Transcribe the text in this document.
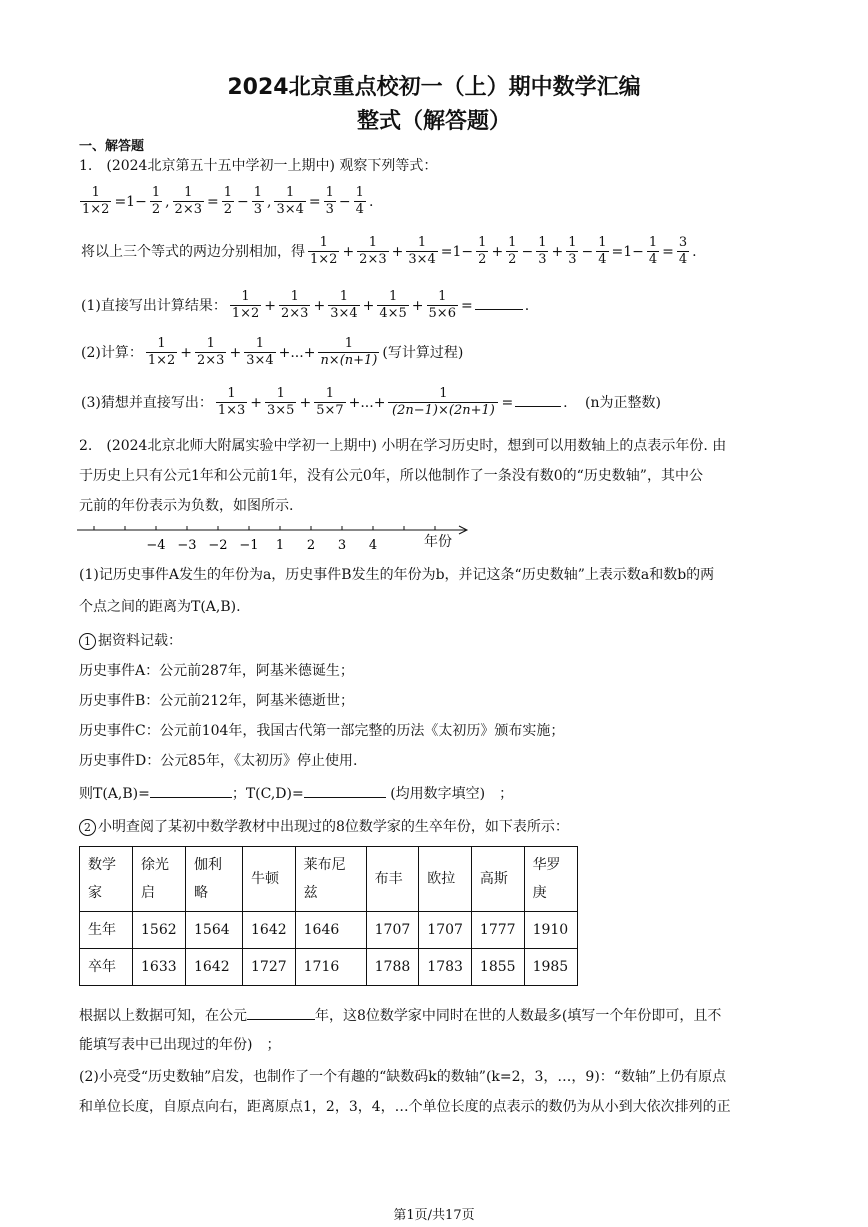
2024北京重点校初一（上）期中数学汇编
整式（解答题）
一、解答题
1.　(2024北京第五十五中学初一上期中) 观察下列等式：
$\frac{1}{1\times 2} =1- \frac{1}{2}$ , $\frac{1}{2\times 3} = \frac{1}{2} - \frac{1}{3}$ , $\frac{1}{3\times 4} = \frac{1}{3} - \frac{1}{4}$ .
将以上三个等式的两边分别相加，得 $\frac{1}{1\times 2} + \frac{1}{2\times 3} + \frac{1}{3\times 4} =1- \frac{1}{2} + \frac{1}{2} - \frac{1}{3} + \frac{1}{3} - \frac{1}{4} =1- \frac{1}{4} = \frac{3}{4}$ .
(1)直接写出计算结果： $\frac{1}{1\times 2} + \frac{1}{2\times 3} + \frac{1}{3\times 4} + \frac{1}{4\times 5} + \frac{1}{5\times 6}$ =	.
(2)计算： $\frac{1}{1\times 2} + \frac{1}{2\times 3} + \frac{1}{3\times 4}$ +...+ $\frac{1}{n\times(n+1)}$ (写计算过程)
(3)猜想并直接写出： $\frac{1}{1\times 3} + \frac{1}{3\times 5} + \frac{1}{5\times 7}$ +...+ $\frac{1}{(2n-1)\times(2n+1)}$ =	.   (n为正整数)
2.　(2024北京北师大附属实验中学初一上期中) 小明在学习历史时，想到可以用数轴上的点表示年份. 由
于历史上只有公元1年和公元前1年，没有公元0年，所以他制作了一条没有数0的“历史数轴”，其中公
元前的年份表示为负数，如图所示.
−4 −3 −2 −1 1 2 3 4	年份
(1)记历史事件A发生的年份为a，历史事件B发生的年份为b，并记这条“历史数轴”上表示数a和数b的两
个点之间的距离为T(A,B).
1 据资料记载：
历史事件A：公元前287年，阿基米德诞生；
历史事件B：公元前212年，阿基米德逝世；
历史事件C：公元前104年，我国古代第一部完整的历法《太初历》颁布实施；
历史事件D：公元85年，《太初历》停止使用.
则T(A,B)=	；T(C,D)=	(均用数字填空)　；
2 小明查阅了某初中数学教材中出现过的8位数学家的生卒年份，如下表所示：
数学家	徐光启	伽利略	牛顿	莱布尼兹	布丰	欧拉	高斯	华罗庚
生年	1562	1564	1642	1646	1707	1707	1777	1910
卒年	1633	1642	1727	1716	1788	1783	1855	1985
根据以上数据可知，在公元	年，这8位数学家中同时在世的人数最多(填写一个年份即可，且不
能填写表中已出现过的年份)　；
(2)小亮受“历史数轴”启发，也制作了一个有趣的“缺数码k的数轴”(k=2，3，…，9)：“数轴”上仍有原点
和单位长度，自原点向右，距离原点1，2，3，4，…个单位长度的点表示的数仍为从小到大依次排列的正
第1页/共17页
